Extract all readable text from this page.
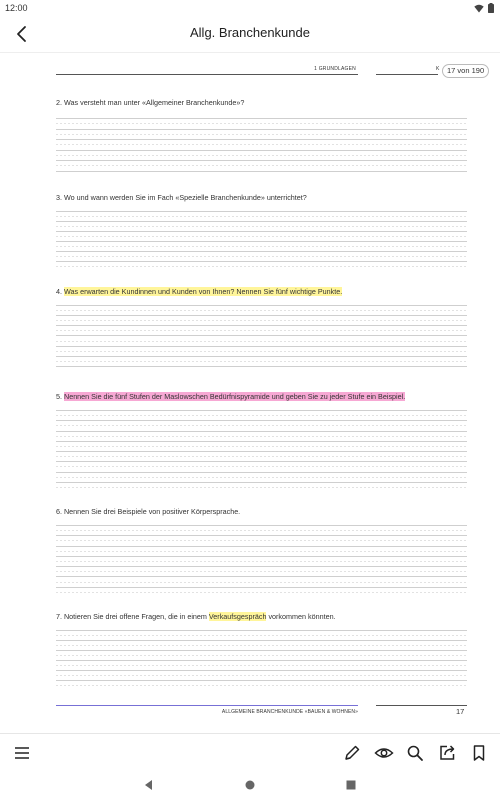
12:00
Allg. Branchenkunde
1 GRUNDLAGEN	K	17 von 190
2. Was versteht man unter «Allgemeiner Branchenkunde»?
3. Wo und wann werden Sie im Fach «Spezielle Branchenkunde» unterrichtet?
4. Was erwarten die Kundinnen und Kunden von Ihnen? Nennen Sie fünf wichtige Punkte.
5. Nennen Sie die fünf Stufen der Maslowschen Bedürfnispyramide und geben Sie zu jeder Stufe ein Beispiel.
6. Nennen Sie drei Beispiele von positiver Körpersprache.
7. Notieren Sie drei offene Fragen, die in einem Verkaufsgespräch vorkommen könnten.
ALLGEMEINE BRANCHENKUNDE «BAUEN & WOHNEN»	17
